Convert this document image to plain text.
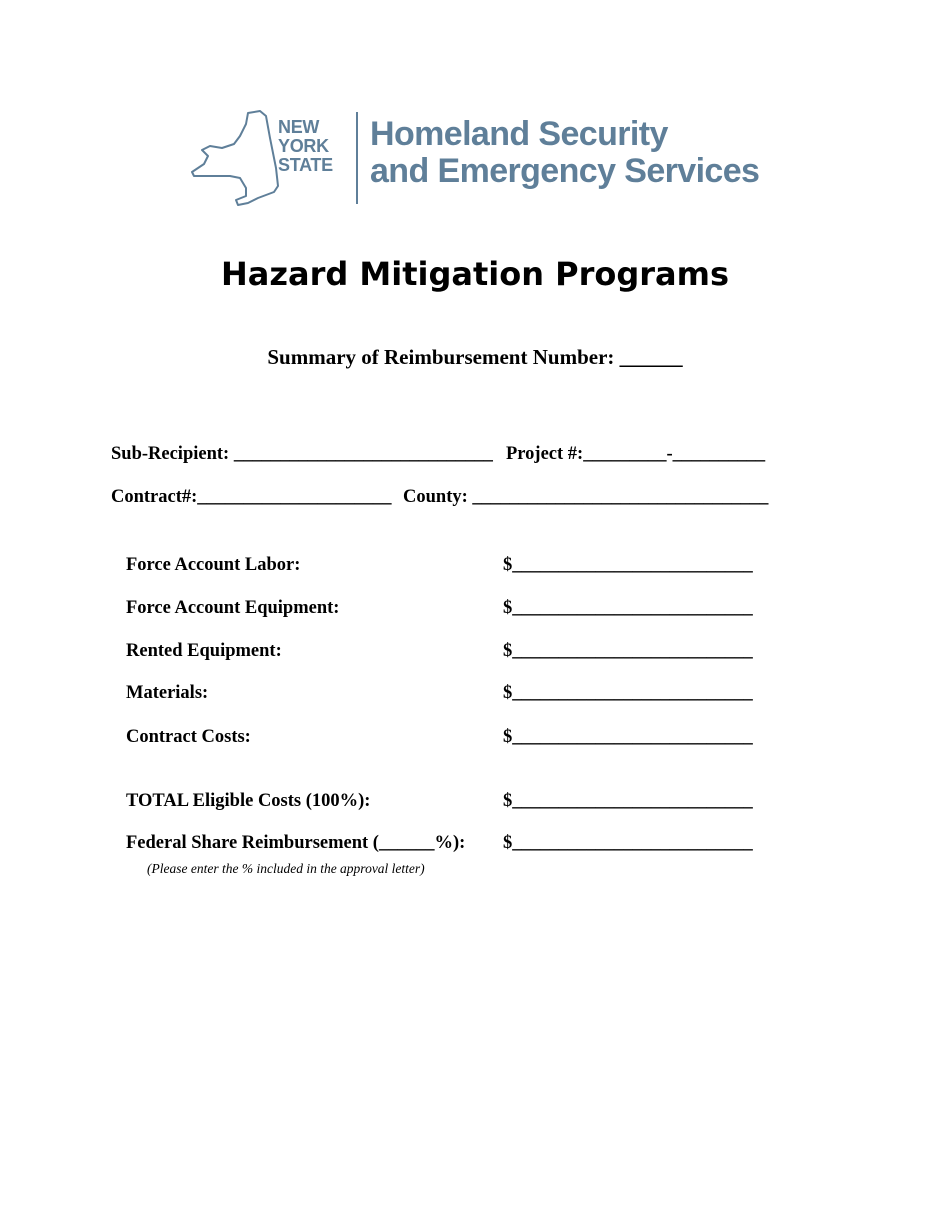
NEW
YORK
STATE
Homeland Security
and Emergency Services
Hazard Mitigation Programs
Summary of Reimbursement Number: ______
Sub-Recipient: ____________________________ Project #:_________-__________
Contract#:_____________________ County: ________________________________
Force Account Labor:	$__________________________
Force Account Equipment:	$__________________________
Rented Equipment:	$__________________________
Materials:	$__________________________
Contract Costs:	$__________________________
TOTAL Eligible Costs (100%):	$__________________________
Federal Share Reimbursement (______%): $__________________________
(Please enter the % included in the approval letter)
